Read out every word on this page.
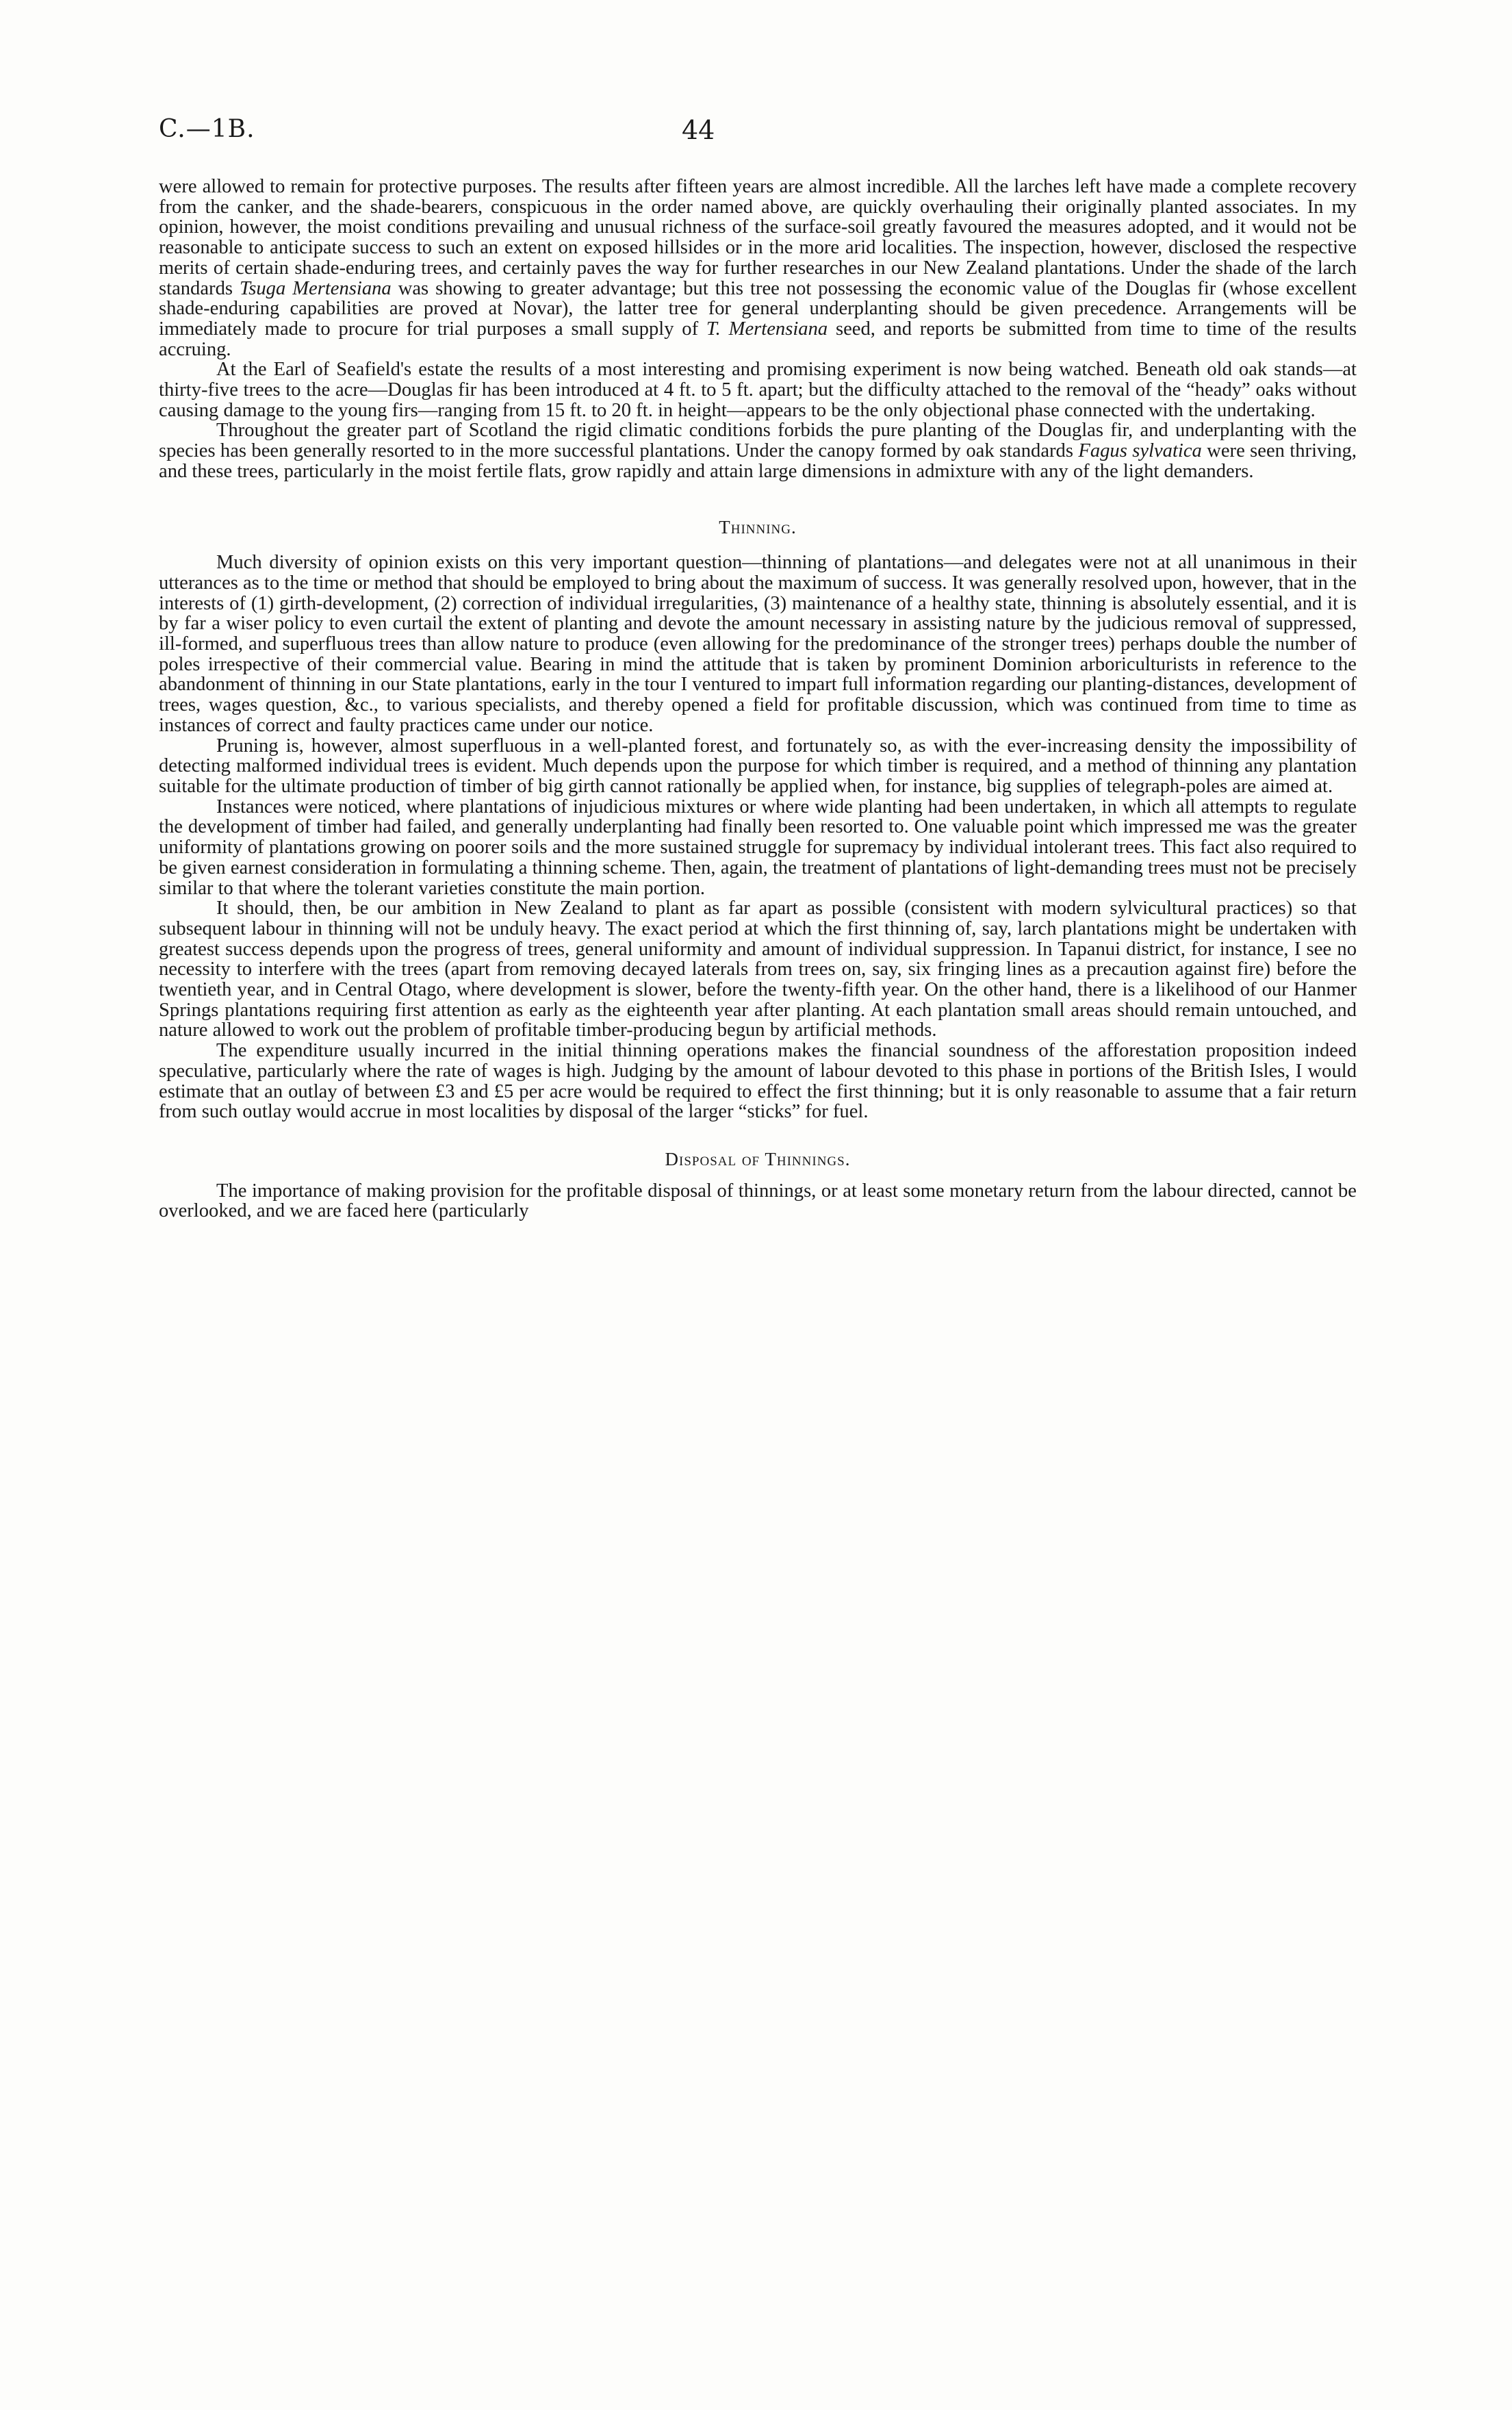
C.—1B.	44

were allowed to remain for protective purposes. The results after fifteen years are almost incredible. All the larches left have made a complete recovery from the canker, and the shade-bearers, conspicuous in the order named above, are quickly overhauling their originally planted associates. In my opinion, however, the moist conditions prevailing and unusual richness of the surface-soil greatly favoured the measures adopted, and it would not be reasonable to anticipate success to such an extent on exposed hillsides or in the more arid localities. The inspection, however, disclosed the respective merits of certain shade-enduring trees, and certainly paves the way for further researches in our New Zealand plantations. Under the shade of the larch standards Tsuga Mertensiana was showing to greater advantage; but this tree not possessing the economic value of the Douglas fir (whose excellent shade-enduring capabilities are proved at Novar), the latter tree for general underplanting should be given precedence. Arrangements will be immediately made to procure for trial purposes a small supply of T. Mertensiana seed, and reports be submitted from time to time of the results accruing.

At the Earl of Seafield's estate the results of a most interesting and promising experiment is now being watched. Beneath old oak stands—at thirty-five trees to the acre—Douglas fir has been introduced at 4 ft. to 5 ft. apart; but the difficulty attached to the removal of the “heady” oaks without causing damage to the young firs—ranging from 15 ft. to 20 ft. in height—appears to be the only objectional phase connected with the undertaking.

Throughout the greater part of Scotland the rigid climatic conditions forbids the pure planting of the Douglas fir, and underplanting with the species has been generally resorted to in the more successful plantations. Under the canopy formed by oak standards Fagus sylvatica were seen thriving, and these trees, particularly in the moist fertile flats, grow rapidly and attain large dimensions in admixture with any of the light demanders.

Thinning.

Much diversity of opinion exists on this very important question—thinning of plantations—and delegates were not at all unanimous in their utterances as to the time or method that should be employed to bring about the maximum of success. It was generally resolved upon, however, that in the interests of (1) girth-development, (2) correction of individual irregularities, (3) maintenance of a healthy state, thinning is absolutely essential, and it is by far a wiser policy to even curtail the extent of planting and devote the amount necessary in assisting nature by the judicious removal of suppressed, ill-formed, and superfluous trees than allow nature to produce (even allowing for the predominance of the stronger trees) perhaps double the number of poles irrespective of their commercial value. Bearing in mind the attitude that is taken by prominent Dominion arboriculturists in reference to the abandonment of thinning in our State plantations, early in the tour I ventured to impart full information regarding our planting-distances, development of trees, wages question, &c., to various specialists, and thereby opened a field for profitable discussion, which was continued from time to time as instances of correct and faulty practices came under our notice.

Pruning is, however, almost superfluous in a well-planted forest, and fortunately so, as with the ever-increasing density the impossibility of detecting malformed individual trees is evident. Much depends upon the purpose for which timber is required, and a method of thinning any plantation suitable for the ultimate production of timber of big girth cannot rationally be applied when, for instance, big supplies of telegraph-poles are aimed at.

Instances were noticed, where plantations of injudicious mixtures or where wide planting had been undertaken, in which all attempts to regulate the development of timber had failed, and generally underplanting had finally been resorted to. One valuable point which impressed me was the greater uniformity of plantations growing on poorer soils and the more sustained struggle for supremacy by individual intolerant trees. This fact also required to be given earnest consideration in formulating a thinning scheme. Then, again, the treatment of plantations of light-demanding trees must not be precisely similar to that where the tolerant varieties constitute the main portion.

It should, then, be our ambition in New Zealand to plant as far apart as possible (consistent with modern sylvicultural practices) so that subsequent labour in thinning will not be unduly heavy. The exact period at which the first thinning of, say, larch plantations might be undertaken with greatest success depends upon the progress of trees, general uniformity and amount of individual suppression. In Tapanui district, for instance, I see no necessity to interfere with the trees (apart from removing decayed laterals from trees on, say, six fringing lines as a precaution against fire) before the twentieth year, and in Central Otago, where development is slower, before the twenty-fifth year. On the other hand, there is a likelihood of our Hanmer Springs plantations requiring first attention as early as the eighteenth year after planting. At each plantation small areas should remain untouched, and nature allowed to work out the problem of profitable timber-producing begun by artificial methods.

The expenditure usually incurred in the initial thinning operations makes the financial soundness of the afforestation proposition indeed speculative, particularly where the rate of wages is high. Judging by the amount of labour devoted to this phase in portions of the British Isles, I would estimate that an outlay of between £3 and £5 per acre would be required to effect the first thinning; but it is only reasonable to assume that a fair return from such outlay would accrue in most localities by disposal of the larger “sticks” for fuel.

Disposal of Thinnings.

The importance of making provision for the profitable disposal of thinnings, or at least some monetary return from the labour directed, cannot be overlooked, and we are faced here (particularly
